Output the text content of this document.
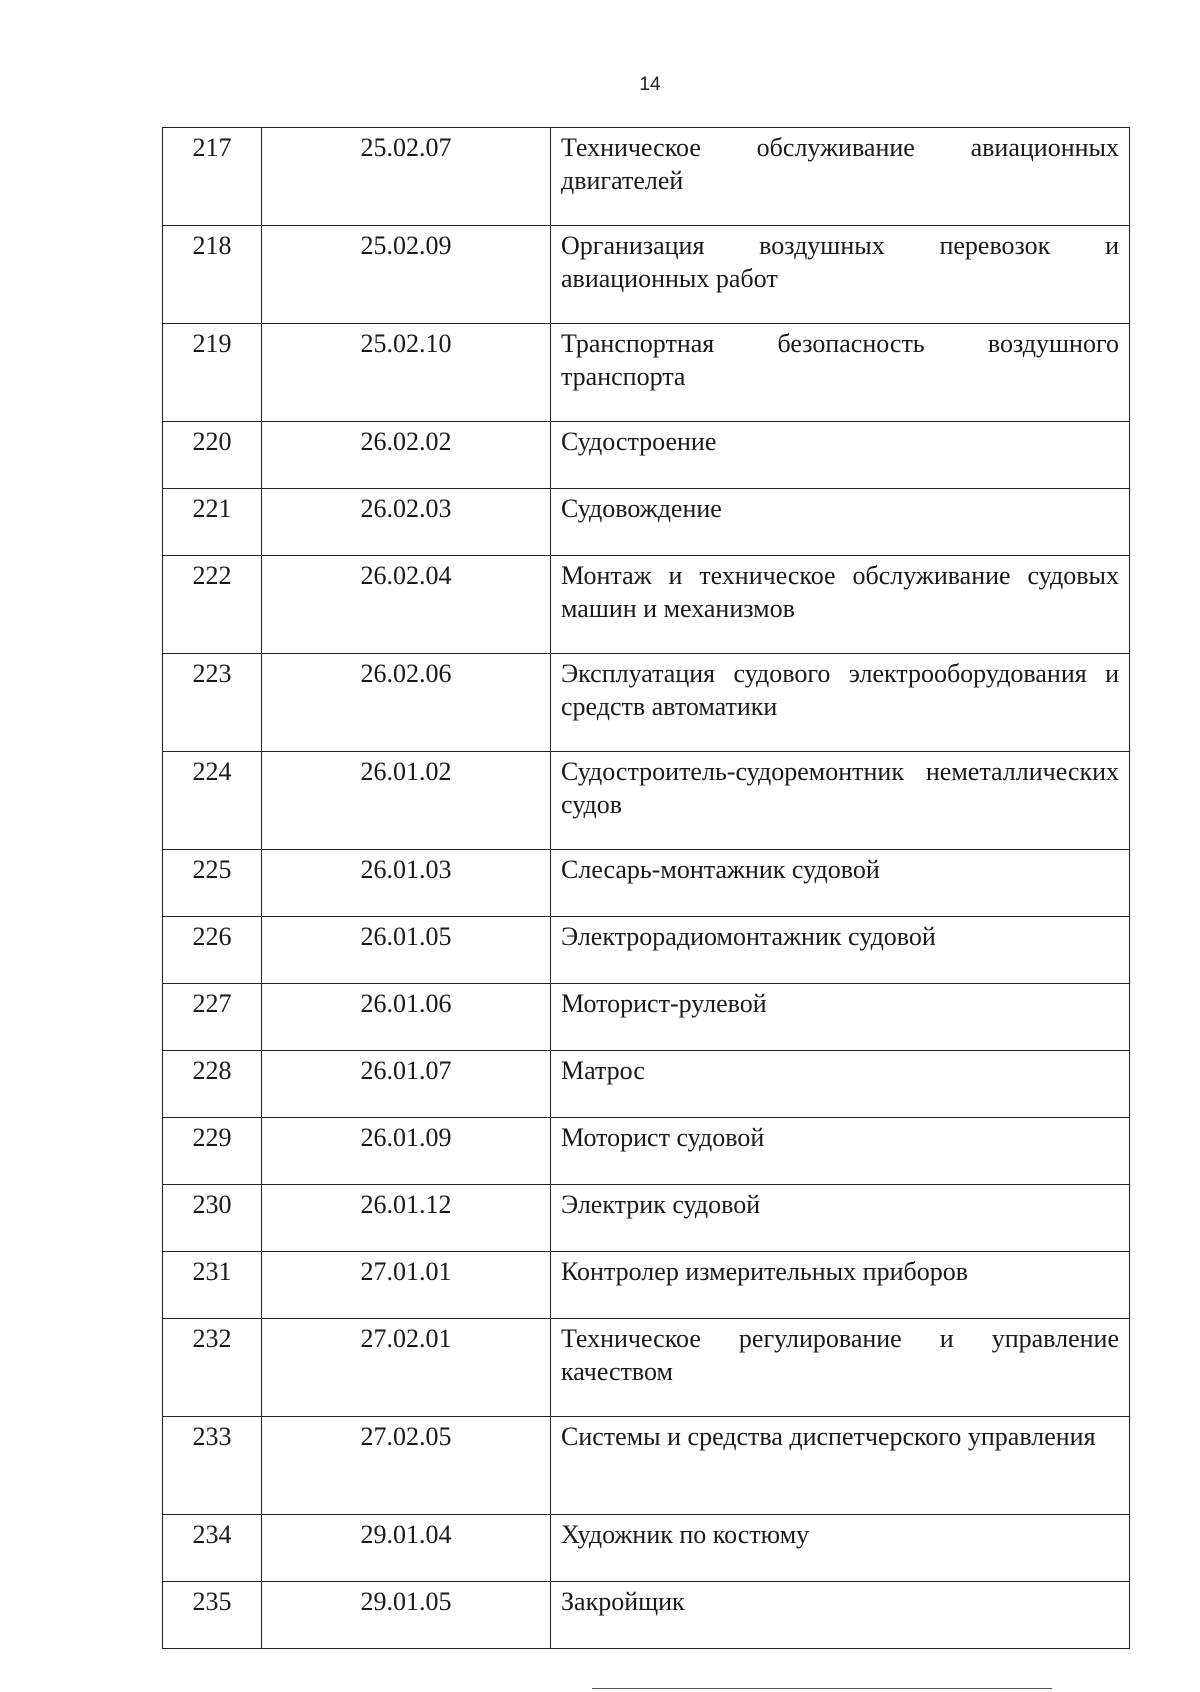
14
217	25.02.07	Техническое обслуживание авиационных двигателей
218	25.02.09	Организация воздушных перевозок и авиационных работ
219	25.02.10	Транспортная безопасность воздушного транспорта
220	26.02.02	Судостроение
221	26.02.03	Судовождение
222	26.02.04	Монтаж и техническое обслуживание судовых машин и механизмов
223	26.02.06	Эксплуатация судового электрооборудования и средств автоматики
224	26.01.02	Судостроитель-судоремонтник неметаллических судов
225	26.01.03	Слесарь-монтажник судовой
226	26.01.05	Электрорадиомонтажник судовой
227	26.01.06	Моторист-рулевой
228	26.01.07	Матрос
229	26.01.09	Моторист судовой
230	26.01.12	Электрик судовой
231	27.01.01	Контролер измерительных приборов
232	27.02.01	Техническое регулирование и управление качеством
233	27.02.05	Системы и средства диспетчерского управления
234	29.01.04	Художник по костюму
235	29.01.05	Закройщик
